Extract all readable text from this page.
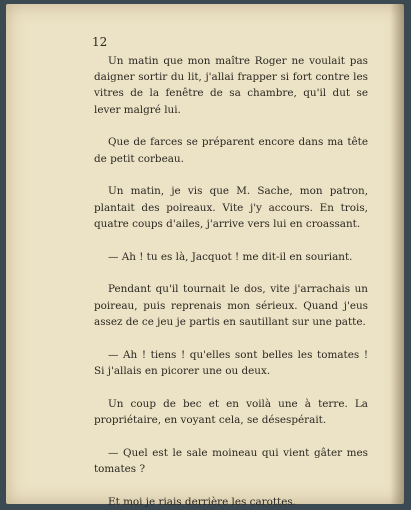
12

Un matin que mon maître Roger ne voulait pas daigner sortir du lit, j'allai frapper si fort contre les vitres de la fenêtre de sa chambre, qu'il dut se lever malgré lui.

Que de farces se préparent encore dans ma tête de petit corbeau.

Un matin, je vis que M. Sache, mon patron, plantait des poireaux. Vite j'y accours. En trois, quatre coups d'ailes, j'arrive vers lui en croassant.

— Ah ! tu es là, Jacquot ! me dit-il en souriant.

Pendant qu'il tournait le dos, vite j'arrachais un poireau, puis reprenais mon sérieux. Quand j'eus assez de ce jeu je partis en sautillant sur une patte.

— Ah ! tiens ! qu'elles sont belles les tomates ! Si j'allais en picorer une ou deux.

Un coup de bec et en voilà une à terre. La propriétaire, en voyant cela, se désespérait.

— Quel est le sale moineau qui vient gâter mes tomates ?

Et moi je riais derrière les carottes.
